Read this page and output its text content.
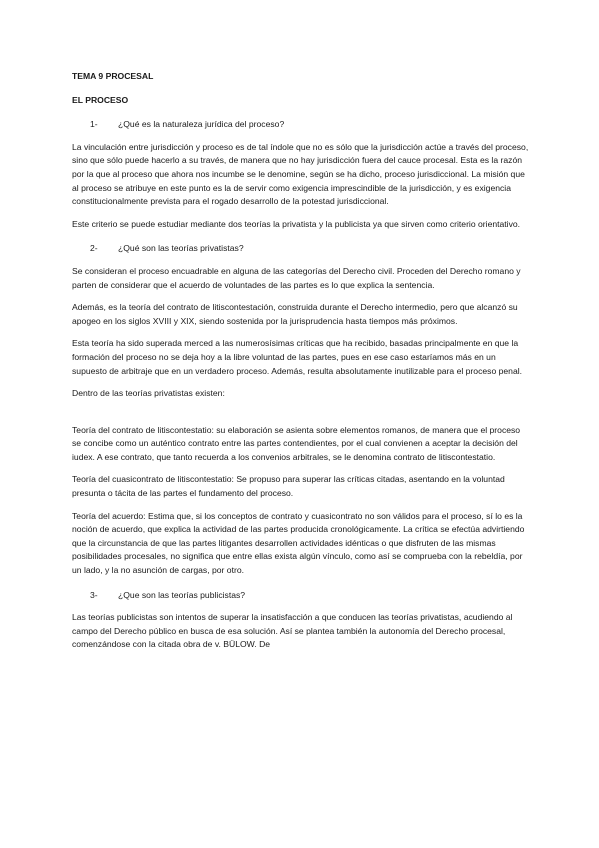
TEMA 9 PROCESAL
EL PROCESO
1-	¿Qué es la naturaleza jurídica del proceso?

La vinculación entre jurisdicción y proceso es de tal índole que no es sólo que la jurisdicción actúe a través del proceso, sino que sólo puede hacerlo a su través, de manera que no hay jurisdicción fuera del cauce procesal. Esta es la razón por la que al proceso que ahora nos incumbe se le denomine, según se ha dicho, proceso jurisdiccional. La misión que al proceso se atribuye en este punto es la de servir como exigencia imprescindible de la jurisdicción, y es exigencia constitucionalmente prevista para el rogado desarrollo de la potestad jurisdiccional.

Este criterio se puede estudiar mediante dos teorías la privatista y la publicista ya que sirven como criterio orientativo.

2-	¿Qué son las teorías privatistas?

Se consideran el proceso encuadrable en alguna de las categorías del Derecho civil. Proceden del Derecho romano y parten de considerar que el acuerdo de voluntades de las partes es lo que explica la sentencia.

Además, es la teoría del contrato de litiscontestación, construida durante el Derecho intermedio, pero que alcanzó su apogeo en los siglos XVIII y XIX, siendo sostenida por la jurisprudencia hasta tiempos más próximos.

Esta teoría ha sido superada merced a las numerosísimas críticas que ha recibido, basadas principalmente en que la formación del proceso no se deja hoy a la libre voluntad de las partes, pues en ese caso estaríamos más en un supuesto de arbitraje que en un verdadero proceso. Además, resulta absolutamente inutilizable para el proceso penal.

Dentro de las teorías privatistas existen:

Teoría del contrato de litiscontestatio: su elaboración se asienta sobre elementos romanos, de manera que el proceso se concibe como un auténtico contrato entre las partes contendientes, por el cual convienen a aceptar la decisión del iudex. A ese contrato, que tanto recuerda a los convenios arbitrales, se le denomina contrato de litiscontestatio.

Teoría del cuasicontrato de litiscontestatio: Se propuso para superar las críticas citadas, asentando en la voluntad presunta o tácita de las partes el fundamento del proceso.

Teoría del acuerdo: Estima que, si los conceptos de contrato y cuasicontrato no son válidos para el proceso, sí lo es la noción de acuerdo, que explica la actividad de las partes producida cronológicamente. La crítica se efectúa advirtiendo que la circunstancia de que las partes litigantes desarrollen actividades idénticas o que disfruten de las mismas posibilidades procesales, no significa que entre ellas exista algún vínculo, como así se comprueba con la rebeldía, por un lado, y la no asunción de cargas, por otro.

3-	¿Que son las teorías publicistas?

Las teorías publicistas son intentos de superar la insatisfacción a que conducen las teorías privatistas, acudiendo al campo del Derecho público en busca de esa solución. Así se plantea también la autonomía del Derecho procesal, comenzándose con la citada obra de v. BÜLOW. De
